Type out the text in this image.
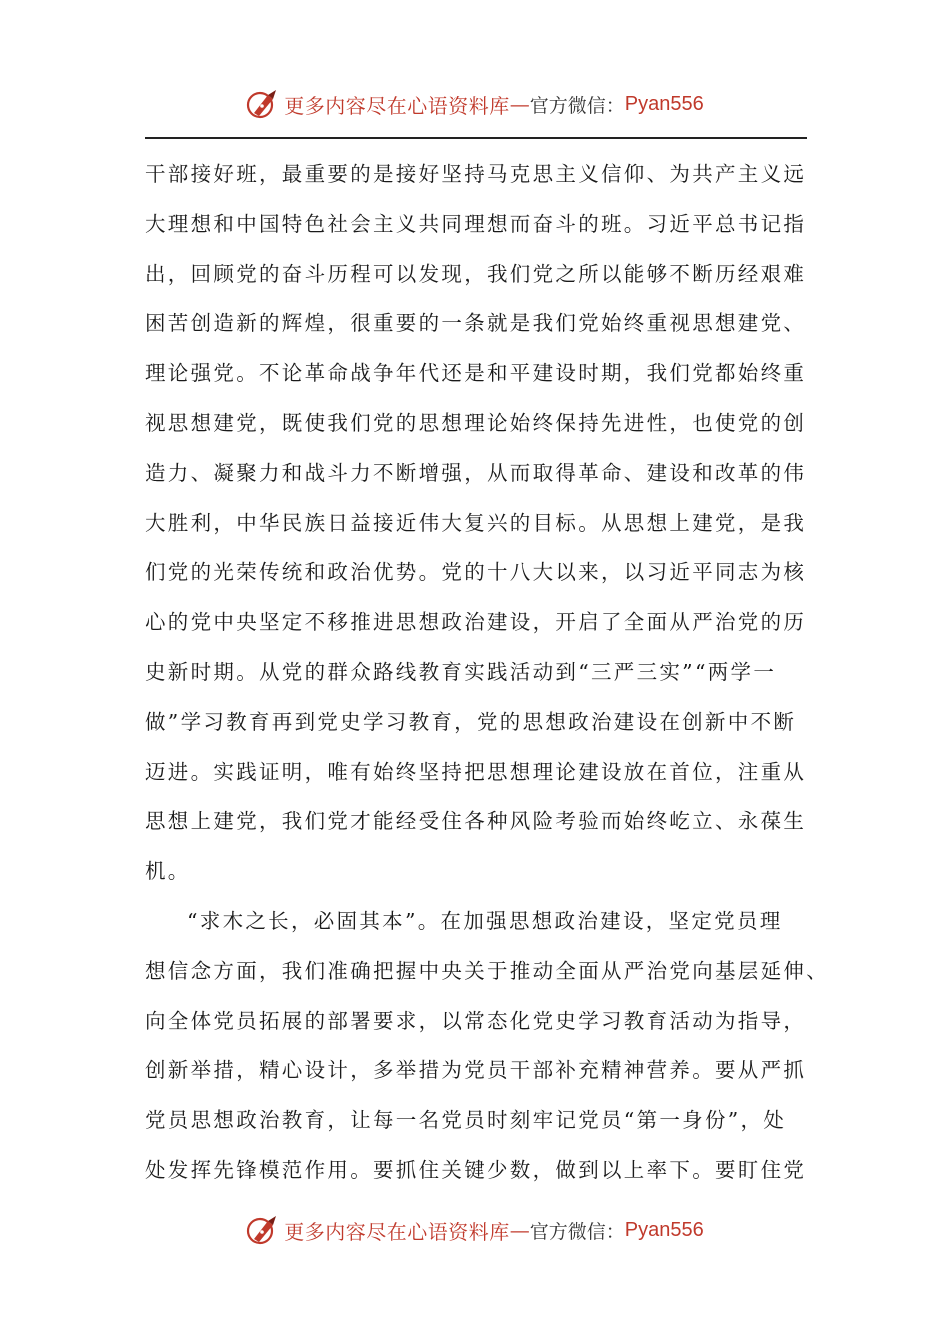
更多内容尽在心语资料库 — 官方微信： Pyan556
干部接好班，最重要的是接好坚持马克思主义信仰、为共产主义远
大理想和中国特色社会主义共同理想而奋斗的班。习近平总书记指
出，回顾党的奋斗历程可以发现，我们党之所以能够不断历经艰难
困苦创造新的辉煌，很重要的一条就是我们党始终重视思想建党、
理论强党。不论革命战争年代还是和平建设时期，我们党都始终重
视思想建党，既使我们党的思想理论始终保持先进性，也使党的创
造力、凝聚力和战斗力不断增强，从而取得革命、建设和改革的伟
大胜利，中华民族日益接近伟大复兴的目标。从思想上建党，是我
们党的光荣传统和政治优势。党的十八大以来，以习近平同志为核
心的党中央坚定不移推进思想政治建设，开启了全面从严治党的历
史新时期。从党的群众路线教育实践活动到“三严三实”“两学一
做”学习教育再到党史学习教育，党的思想政治建设在创新中不断
迈进。实践证明，唯有始终坚持把思想理论建设放在首位，注重从
思想上建党，我们党才能经受住各种风险考验而始终屹立、永葆生
机。
“求木之长，必固其本”。在加强思想政治建设，坚定党员理
想信念方面，我们准确把握中央关于推动全面从严治党向基层延伸、
向全体党员拓展的部署要求，以常态化党史学习教育活动为指导，
创新举措，精心设计，多举措为党员干部补充精神营养。要从严抓
党员思想政治教育，让每一名党员时刻牢记党员“第一身份”，处
处发挥先锋模范作用。要抓住关键少数，做到以上率下。要盯住党
更多内容尽在心语资料库 — 官方微信： Pyan556
